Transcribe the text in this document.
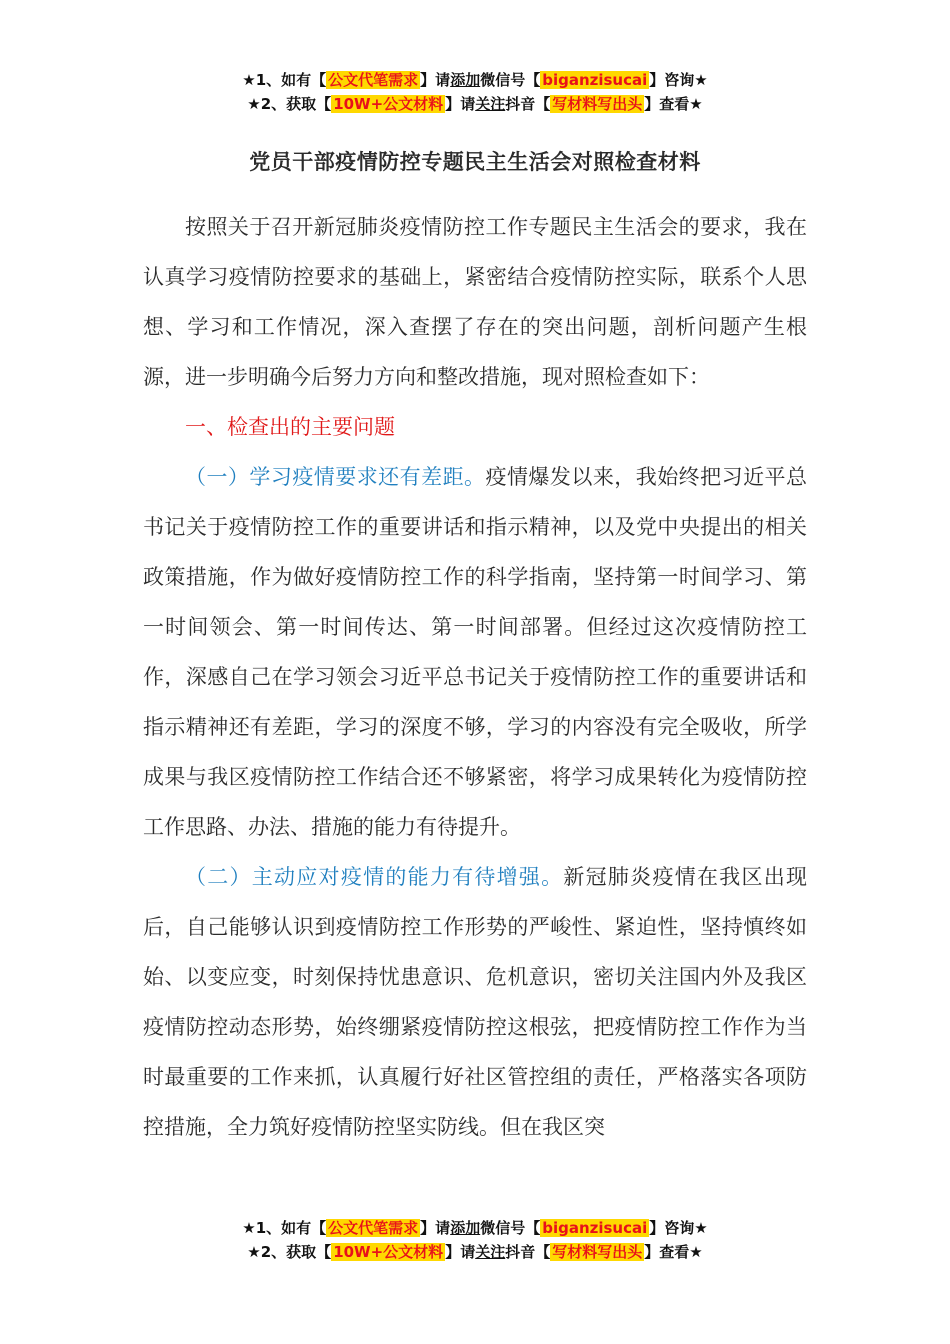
★1、如有【 公文代笔需求 】请添加微信号【 biganzisucai 】咨询★
★2、获取【 10W+公文材料 】请关注抖音【 写材料写出头 】查看★
党员干部疫情防控专题民主生活会对照检查材料

按照关于召开新冠肺炎疫情防控工作专题民主生活会的要求，我在认真学习疫情防控要求的基础上，紧密结合疫情防控实际，联系个人思想、学习和工作情况，深入查摆了存在的突出问题，剖析问题产生根源，进一步明确今后努力方向和整改措施，现对照检查如下：

一、检查出的主要问题

（一）学习疫情要求还有差距。疫情爆发以来，我始终把习近平总书记关于疫情防控工作的重要讲话和指示精神，以及党中央提出的相关政策措施，作为做好疫情防控工作的科学指南，坚持第一时间学习、第一时间领会、第一时间传达、第一时间部署。但经过这次疫情防控工作，深感自己在学习领会习近平总书记关于疫情防控工作的重要讲话和指示精神还有差距，学习的深度不够，学习的内容没有完全吸收，所学成果与我区疫情防控工作结合还不够紧密，将学习成果转化为疫情防控工作思路、办法、措施的能力有待提升。

（二）主动应对疫情的能力有待增强。新冠肺炎疫情在我区出现后，自己能够认识到疫情防控工作形势的严峻性、紧迫性，坚持慎终如始、以变应变，时刻保持忧患意识、危机意识，密切关注国内外及我区疫情防控动态形势，始终绷紧疫情防控这根弦，把疫情防控工作作为当时最重要的工作来抓，认真履行好社区管控组的责任，严格落实各项防控措施，全力筑好疫情防控坚实防线。但在我区突

★1、如有【 公文代笔需求 】请添加微信号【 biganzisucai 】咨询★
★2、获取【 10W+公文材料 】请关注抖音【 写材料写出头 】查看★
